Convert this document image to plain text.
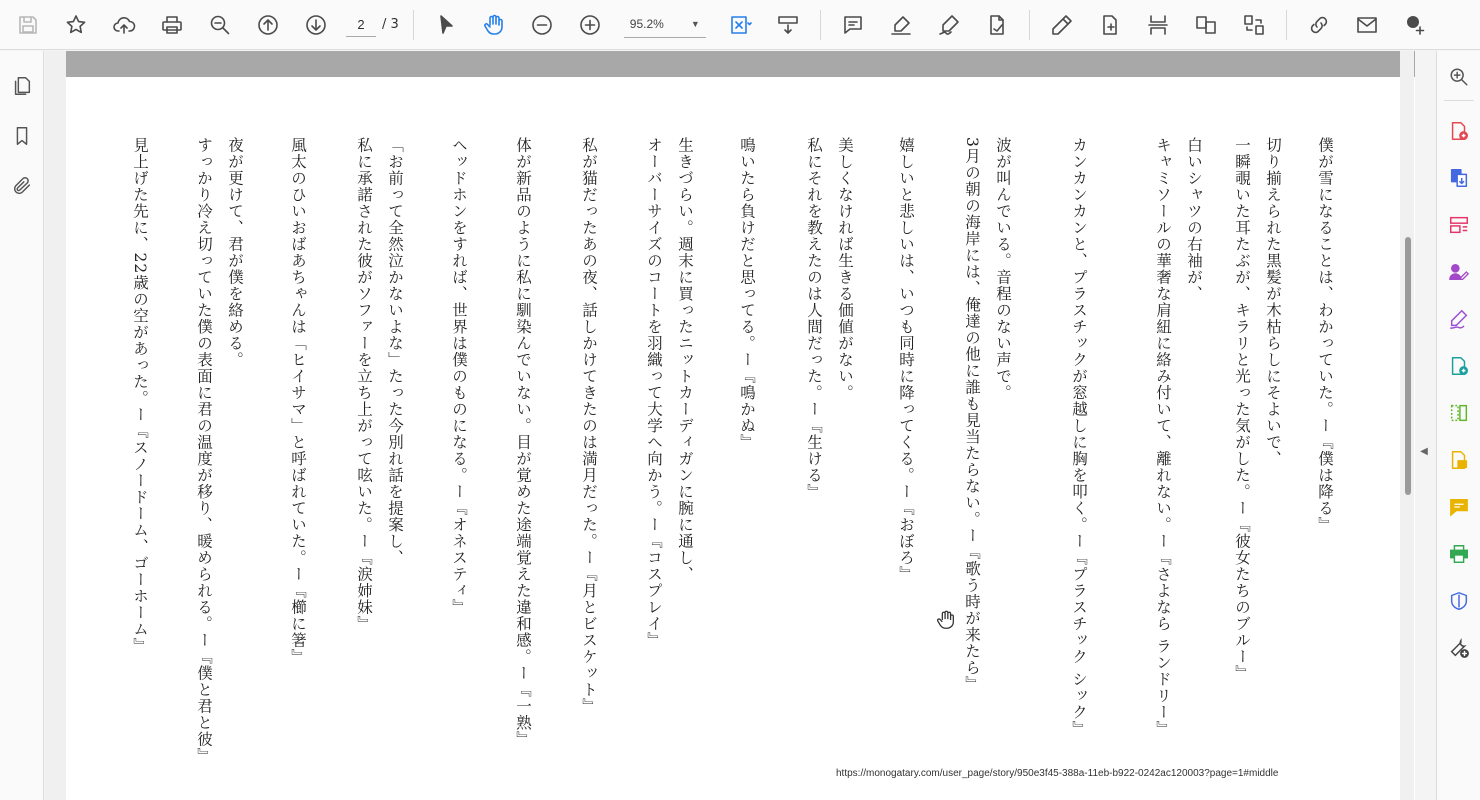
2
/ 3	95.2%	▼
僕が雪になることは、わかっていた。ー『僕は降る』
切り揃えられた黒髪が木枯らしにそよいで、
一瞬覗いた耳たぶが、キラリと光った気がした。ー『彼女たちのブルー』
白いシャツの右袖が、
キャミソールの華奢な肩紐に絡み付いて、離れない。ー『さよなら ランドリー』
カンカンカンと、プラスチックが窓越しに胸を叩く。ー『プラスチック シック』
波が叫んでいる。音程のない声で。
3月の朝の海岸には、俺達の他に誰も見当たらない。ー『歌う時が来たら』
嬉しいと悲しいは、いつも同時に降ってくる。ー『おぼろ』
美しくなければ生きる価値がない。
私にそれを教えたのは人間だった。ー『生ける』
鳴いたら負けだと思ってる。ー『鳴かぬ』
生きづらい。週末に買ったニットカーディガンに腕に通し、
オーバーサイズのコートを羽織って大学へ向かう。ー『コスプレイ』
私が猫だったあの夜、話しかけてきたのは満月だった。ー『月とビスケット』
体が新品のように私に馴染んでいない。目が覚めた途端覚えた違和感。ー『一熟』
ヘッドホンをすれば、世界は僕のものになる。ー『オネスティ』
「お前って全然泣かないよな」たった今別れ話を提案し、
私に承諾された彼がソファーを立ち上がって呟いた。ー『涙姉妹』
風太のひいおばあちゃんは「ヒイサマ」と呼ばれていた。ー『櫛に箸』
夜が更けて、君が僕を絡める。
すっかり冷え切っていた僕の表面に君の温度が移り、暖められる。ー『僕と君と彼』
見上げた先に、22歳の空があった。ー『スノードーム、ゴーホーム』
https://monogatary.com/user_page/story/950e3f45-388a-11eb-b922-0242ac120003?page=1#middle
◀
